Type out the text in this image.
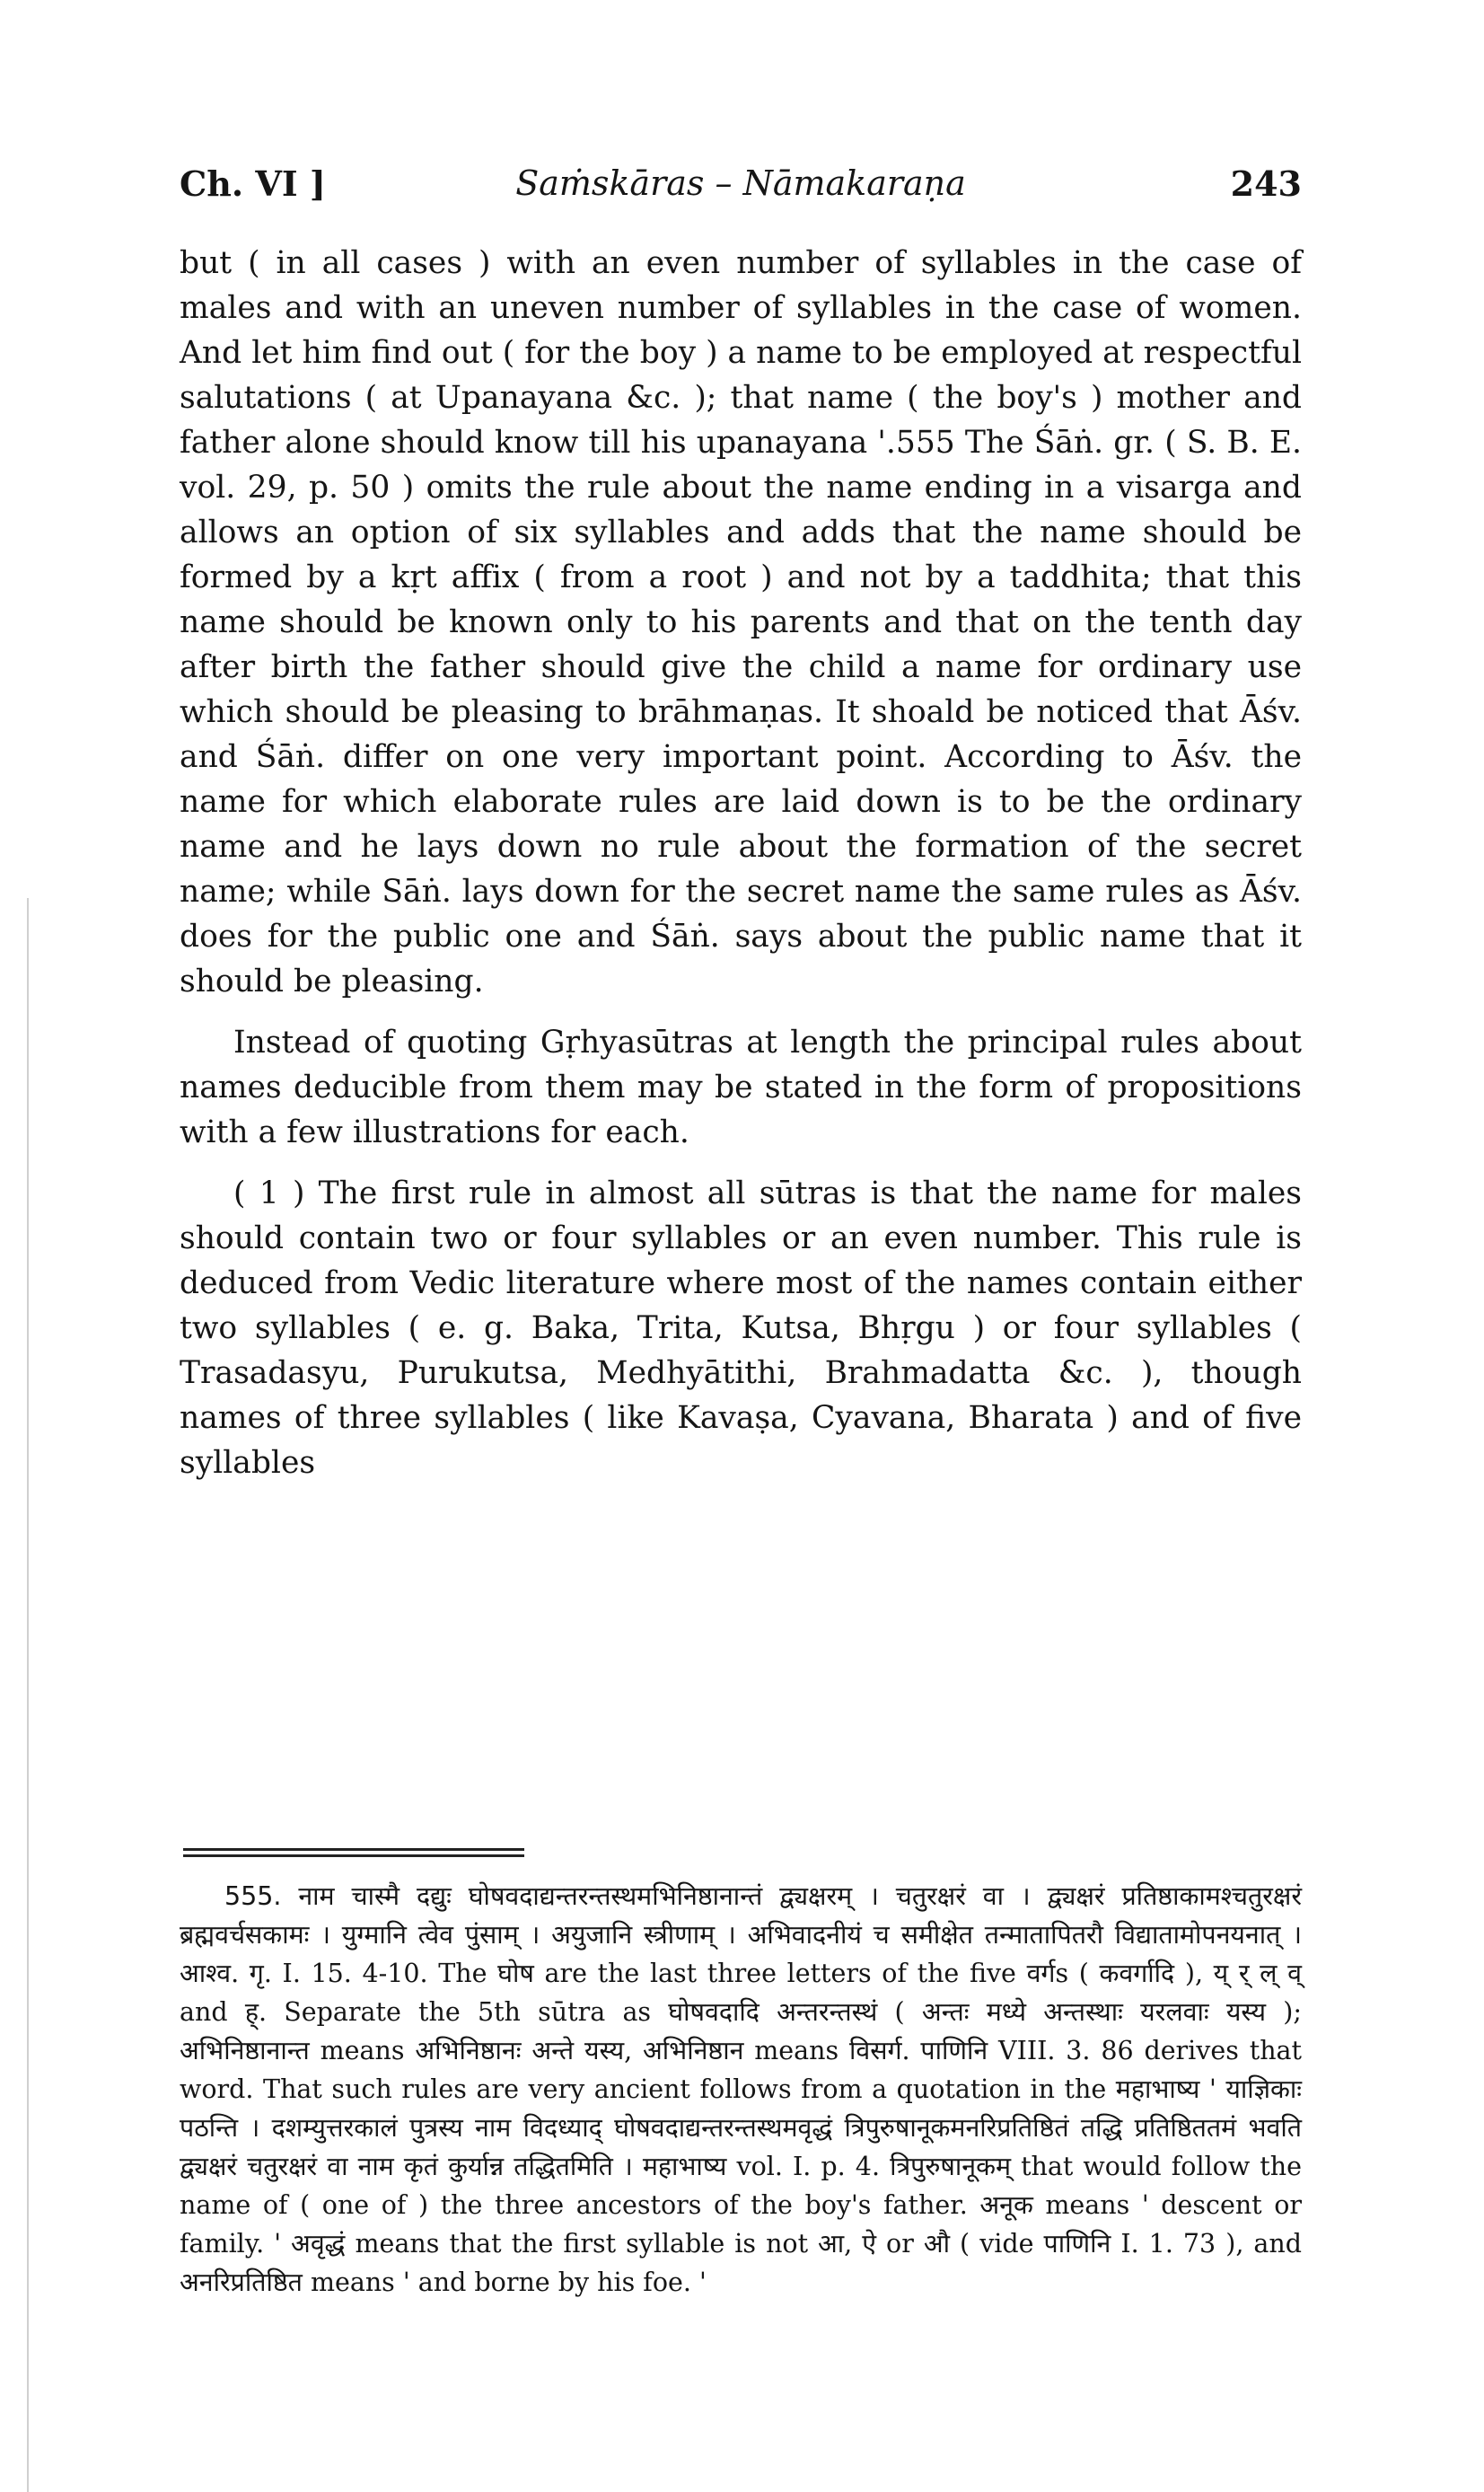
Ch. VI ]	Saṁskāras – Nāmakaraṇa	243

but ( in all cases ) with an even number of syllables in the case of males and with an uneven number of syllables in the case of women. And let him find out ( for the boy ) a name to be employed at respectful salutations ( at Upanayana &c. ); that name ( the boy's ) mother and father alone should know till his upanayana '.555 The Śāṅ. gr. ( S. B. E. vol. 29, p. 50 ) omits the rule about the name ending in a visarga and allows an option of six syllables and adds that the name should be formed by a kṛt affix ( from a root ) and not by a taddhita; that this name should be known only to his parents and that on the tenth day after birth the father should give the child a name for ordinary use which should be pleasing to brāhmaṇas. It shoald be noticed that Āśv. and Śāṅ. differ on one very important point. According to Āśv. the name for which elaborate rules are laid down is to be the ordinary name and he lays down no rule about the formation of the secret name; while Sāṅ. lays down for the secret name the same rules as Āśv. does for the public one and Śāṅ. says about the public name that it should be pleasing.

Instead of quoting Gṛhyasūtras at length the principal rules about names deducible from them may be stated in the form of propositions with a few illustrations for each.

( 1 ) The first rule in almost all sūtras is that the name for males should contain two or four syllables or an even number. This rule is deduced from Vedic literature where most of the names contain either two syllables ( e. g. Baka, Trita, Kutsa, Bhṛgu ) or four syllables ( Trasadasyu, Purukutsa, Medhyātithi, Brahmadatta &c. ), though names of three syllables ( like Kavaṣa, Cyavana, Bharata ) and of five syllables

555. नाम चास्मै दद्युः घोषवदाद्यन्तरन्तस्थमभिनिष्ठानान्तं द्व्यक्षरम् । चतुरक्षरं वा । द्व्यक्षरं प्रतिष्ठाकामश्चतुरक्षरं ब्रह्मवर्चसकामः । युग्मानि त्वेव पुंसाम् । अयुजानि स्त्रीणाम् । अभिवादनीयं च समीक्षेत तन्मातापितरौ विद्यातामोपनयनात् । आश्व. गृ. I. 15. 4-10. The घोष are the last three letters of the five वर्गs ( कवर्गादि ), य् र् ल् व् and ह्. Separate the 5th sūtra as घोषवदादि अन्तरन्तस्थं ( अन्तः मध्ये अन्तस्थाः यरलवाः यस्य ); अभिनिष्ठानान्त means अभिनिष्ठानः अन्ते यस्य, अभिनिष्ठान means विसर्ग. पाणिनि VIII. 3. 86 derives that word. That such rules are very ancient follows from a quotation in the महाभाष्य ' याज्ञिकाः पठन्ति । दशम्युत्तरकालं पुत्रस्य नाम विदध्याद् घोषवदाद्यन्तरन्तस्थमवृद्धं त्रिपुरुषानूकमनरिप्रतिष्ठितं तद्धि प्रतिष्ठिततमं भवति द्व्यक्षरं चतुरक्षरं वा नाम कृतं कुर्यान्न तद्धितमिति । महाभाष्य vol. I. p. 4. त्रिपुरुषानूकम् that would follow the name of ( one of ) the three ancestors of the boy's father. अनूक means ' descent or family. ' अवृद्धं means that the first syllable is not आ, ऐ or औ ( vide पाणिनि I. 1. 73 ), and अनरिप्रतिष्ठित means ' and borne by his foe. '
